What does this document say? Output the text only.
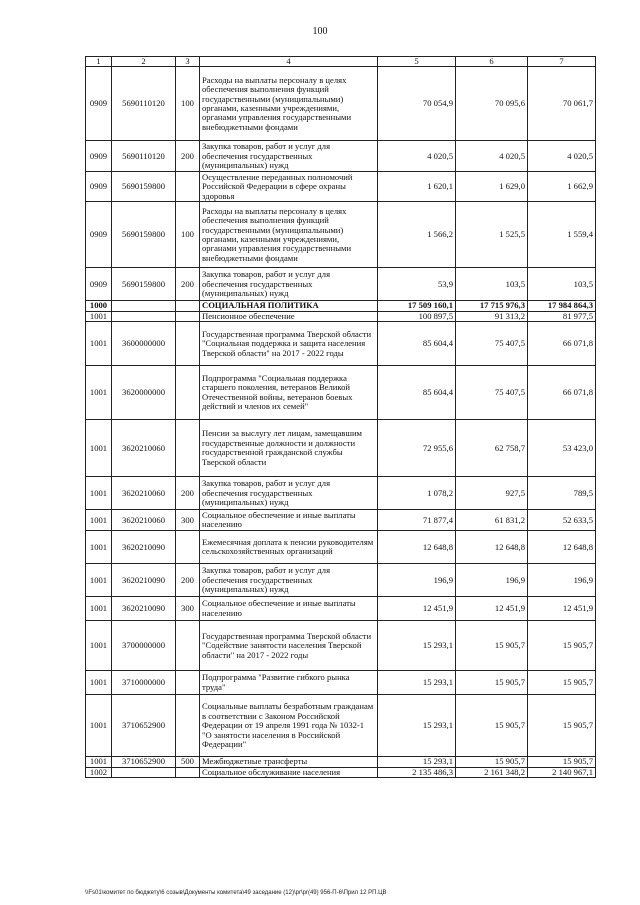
100
1	2	3	4	5	6	7
0909	5690110120	100	Расходы на выплаты персоналу в целях обеспечения выполнения функций государственными (муниципальными) органами, казенными учреждениями, органами управления государственными внебюджетными фондами	70 054,9	70 095,6	70 061,7
0909	5690110120	200	Закупка товаров, работ и услуг для обеспечения государственных (муниципальных) нужд	4 020,5	4 020,5	4 020,5
0909	5690159800		Осуществление переданных полномочий Российской Федерации в сфере охраны здоровья	1 620,1	1 629,0	1 662,9
0909	5690159800	100	Расходы на выплаты персоналу в целях обеспечения выполнения функций государственными (муниципальными) органами, казенными учреждениями, органами управления государственными внебюджетными фондами	1 566,2	1 525,5	1 559,4
0909	5690159800	200	Закупка товаров, работ и услуг для обеспечения государственных (муниципальных) нужд	53,9	103,5	103,5
1000			СОЦИАЛЬНАЯ ПОЛИТИКА	17 509 160,1	17 715 976,3	17 984 864,3
1001			Пенсионное обеспечение	100 897,5	91 313,2	81 977,5
1001	3600000000		Государственная программа Тверской области "Социальная поддержка и защита населения Тверской области" на 2017 - 2022 годы	85 604,4	75 407,5	66 071,8
1001	3620000000		Подпрограмма "Социальная поддержка старшего поколения, ветеранов Великой Отечественной войны, ветеранов боевых действий и членов их семей"	85 604,4	75 407,5	66 071,8
1001	3620210060		Пенсии за выслугу лет лицам, замещавшим государственные должности и должности государственной гражданской службы Тверской области	72 955,6	62 758,7	53 423,0
1001	3620210060	200	Закупка товаров, работ и услуг для обеспечения государственных (муниципальных) нужд	1 078,2	927,5	789,5
1001	3620210060	300	Социальное обеспечение и иные выплаты населению	71 877,4	61 831,2	52 633,5
1001	3620210090		Ежемесячная доплата к пенсии руководителям сельскохозяйственных организаций	12 648,8	12 648,8	12 648,8
1001	3620210090	200	Закупка товаров, работ и услуг для обеспечения государственных (муниципальных) нужд	196,9	196,9	196,9
1001	3620210090	300	Социальное обеспечение и иные выплаты населению	12 451,9	12 451,9	12 451,9
1001	3700000000		Государственная программа Тверской области "Содействие занятости населения Тверской области" на 2017 - 2022 годы	15 293,1	15 905,7	15 905,7
1001	3710000000		Подпрограмма "Развитие гибкого рынка труда"	15 293,1	15 905,7	15 905,7
1001	3710652900		Социальные выплаты безработным гражданам в соответствии с Законом Российской Федерации от 19 апреля 1991 года № 1032-1 "О занятости населения в Российской Федерации"	15 293,1	15 905,7	15 905,7
1001	3710652900	500	Межбюджетные трансферты	15 293,1	15 905,7	15 905,7
1002			Социальное обслуживание населения	2 135 486,3	2 161 348,2	2 140 967,1
\\Fs01\комитет по бюджету\6 созыв\Документы комитета\49 заседание (12)\pr\pr(49) 956-П-6\Прил 12 РП.ЦВ
